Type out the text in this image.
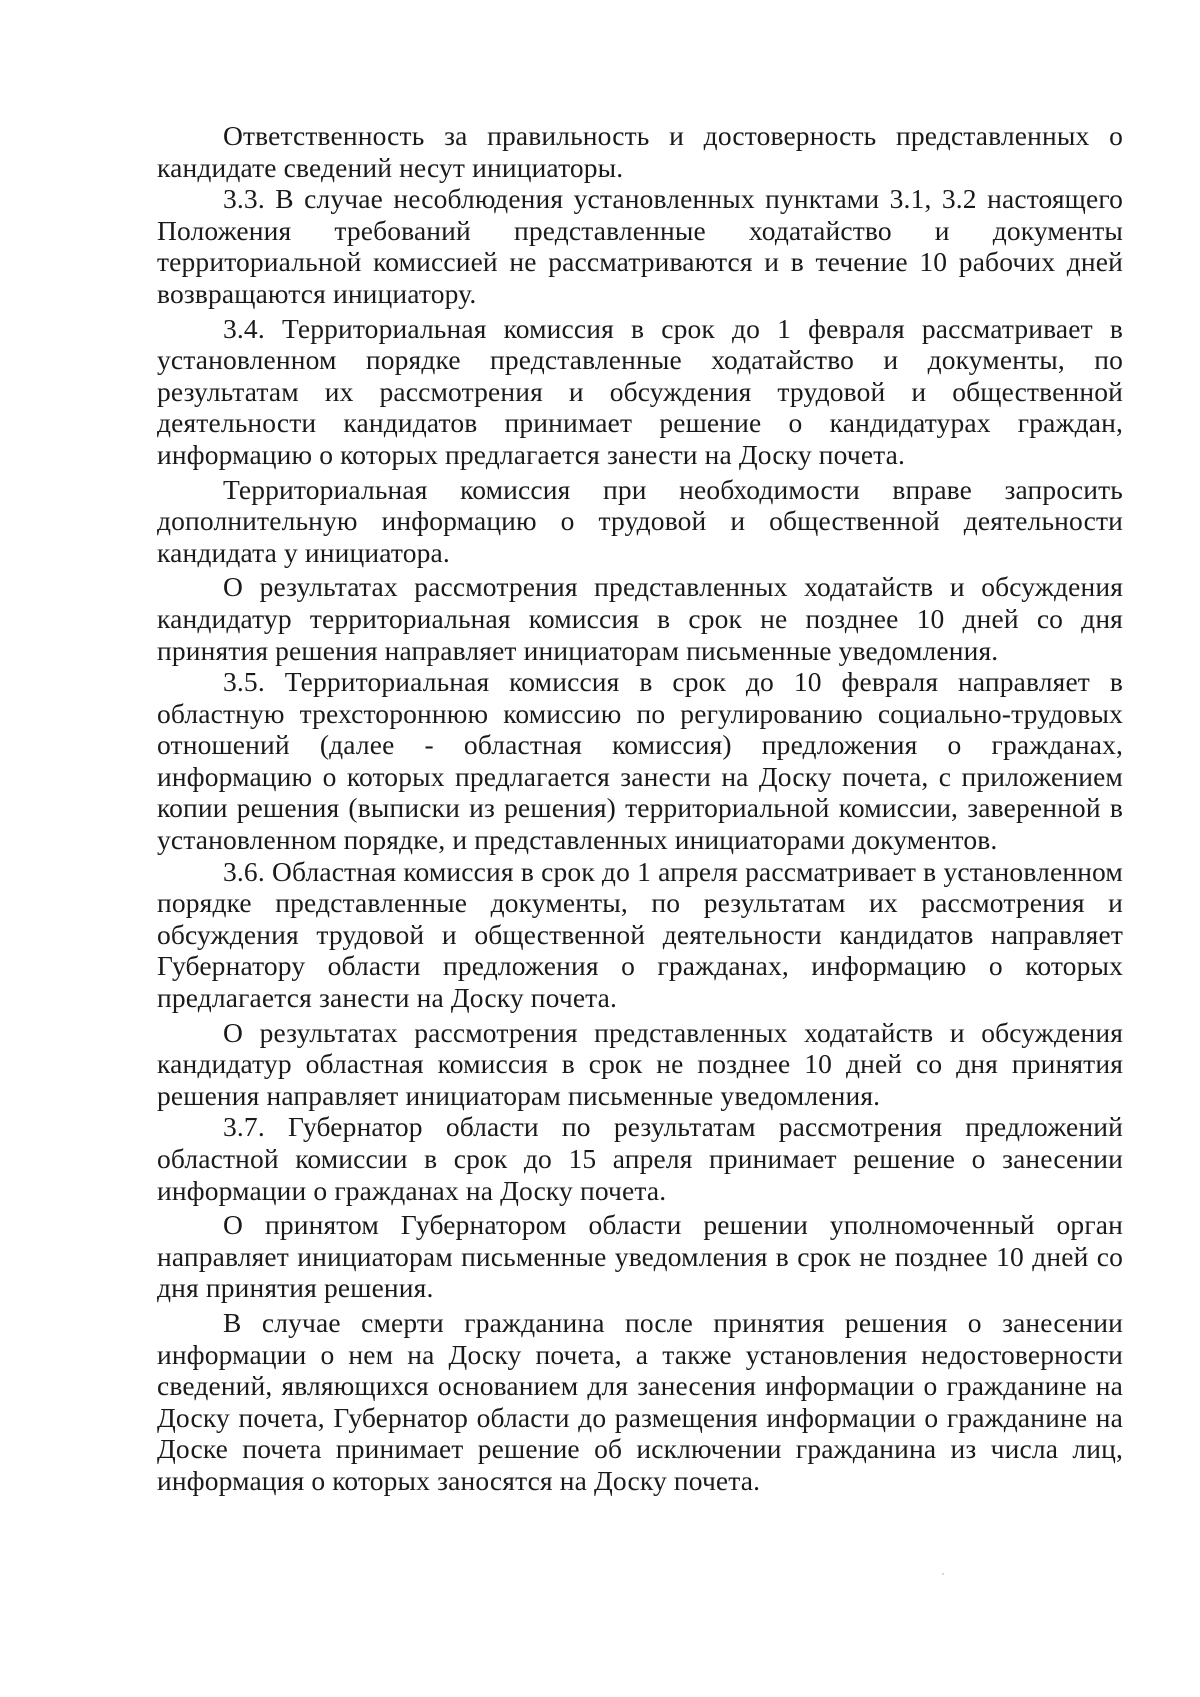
Ответственность за правильность и достоверность представленных о кандидате сведений несут инициаторы.

3.3. В случае несоблюдения установленных пунктами 3.1, 3.2 настоящего Положения требований представленные ходатайство и документы территориальной комиссией не рассматриваются и в течение 10 рабочих дней возвращаются инициатору.

3.4. Территориальная комиссия в срок до 1 февраля рассматривает в установленном порядке представленные ходатайство и документы, по результатам их рассмотрения и обсуждения трудовой и общественной деятельности кандидатов принимает решение о кандидатурах граждан, информацию о которых предлагается занести на Доску почета.

Территориальная комиссия при необходимости вправе запросить дополнительную информацию о трудовой и общественной деятельности кандидата у инициатора.

О результатах рассмотрения представленных ходатайств и обсуждения кандидатур территориальная комиссия в срок не позднее 10 дней со дня принятия решения направляет инициаторам письменные уведомления.

3.5. Территориальная комиссия в срок до 10 февраля направляет в областную трехстороннюю комиссию по регулированию социально-трудовых отношений (далее - областная комиссия) предложения о гражданах, информацию о которых предлагается занести на Доску почета, с приложением копии решения (выписки из решения) территориальной комиссии, заверенной в установленном порядке, и представленных инициаторами документов.

3.6. Областная комиссия в срок до 1 апреля рассматривает в установленном порядке представленные документы, по результатам их рассмотрения и обсуждения трудовой и общественной деятельности кандидатов направляет Губернатору области предложения о гражданах, информацию о которых предлагается занести на Доску почета.

О результатах рассмотрения представленных ходатайств и обсуждения кандидатур областная комиссия в срок не позднее 10 дней со дня принятия решения направляет инициаторам письменные уведомления.

3.7. Губернатор области по результатам рассмотрения предложений областной комиссии в срок до 15 апреля принимает решение о занесении информации о гражданах на Доску почета.

О принятом Губернатором области решении уполномоченный орган направляет инициаторам письменные уведомления в срок не позднее 10 дней со дня принятия решения.

В случае смерти гражданина после принятия решения о занесении информации о нем на Доску почета, а также установления недостоверности сведений, являющихся основанием для занесения информации о гражданине на Доску почета, Губернатор области до размещения информации о гражданине на Доске почета принимает решение об исключении гражданина из числа лиц, информация о которых заносятся на Доску почета.
